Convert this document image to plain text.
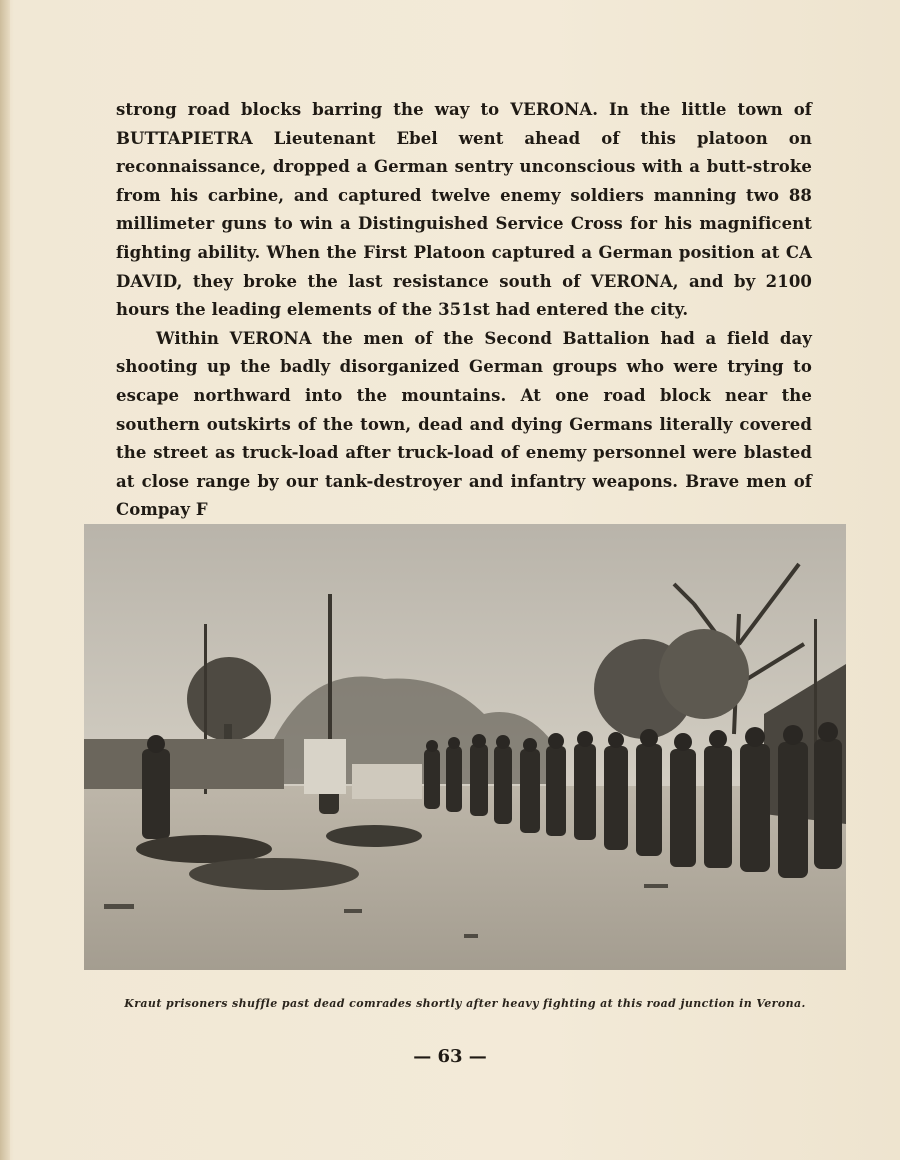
strong road blocks barring the way to VERONA. In the little town of BUTTAPIETRA Lieutenant Ebel went ahead of this platoon on reconnaissance, dropped a German sentry unconscious with a butt-stroke from his carbine, and captured twelve enemy soldiers manning two 88 millimeter guns to win a Distinguished Service Cross for his magnificent fighting ability. When the First Platoon captured a German position at CA DAVID, they broke the last resistance south of VERONA, and by 2100 hours the leading elements of the 351st had entered the city.

Within VERONA the men of the Second Battalion had a field day shooting up the badly disorganized German groups who were trying to escape northward into the mountains. At one road block near the southern outskirts of the town, dead and dying Germans literally covered the street as truck-load after truck-load of enemy personnel were blasted at close range by our tank-destroyer and infantry weapons. Brave men of Compay F

Kraut prisoners shuffle past dead comrades shortly after heavy fighting at this road junction in Verona.
— 63 —
